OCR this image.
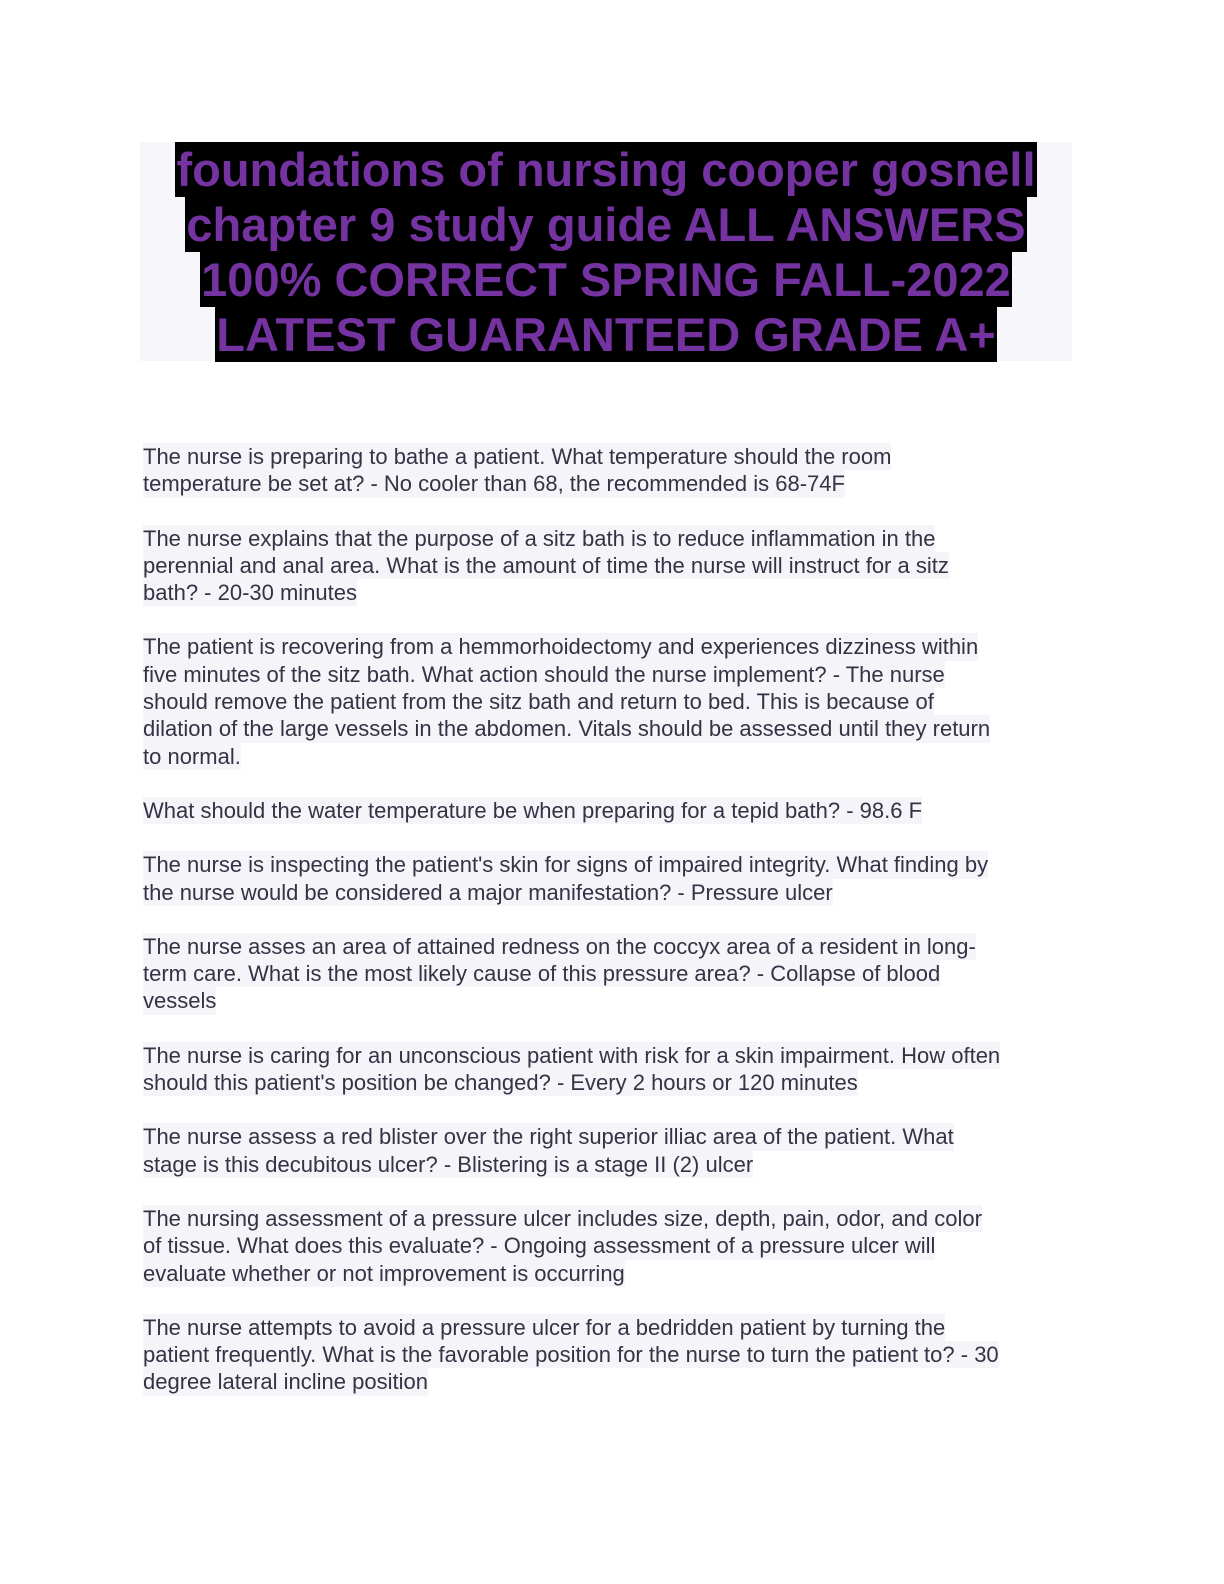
foundations of nursing cooper gosnell
chapter 9 study guide ALL ANSWERS
100% CORRECT SPRING FALL-2022
LATEST GUARANTEED GRADE A+
The nurse is preparing to bathe a patient. What temperature should the room
temperature be set at? - No cooler than 68, the recommended is 68-74F
The nurse explains that the purpose of a sitz bath is to reduce inflammation in the
perennial and anal area. What is the amount of time the nurse will instruct for a sitz
bath? - 20-30 minutes
The patient is recovering from a hemmorhoidectomy and experiences dizziness within
five minutes of the sitz bath. What action should the nurse implement? - The nurse
should remove the patient from the sitz bath and return to bed. This is because of
dilation of the large vessels in the abdomen. Vitals should be assessed until they return
to normal.
What should the water temperature be when preparing for a tepid bath? - 98.6 F
The nurse is inspecting the patient's skin for signs of impaired integrity. What finding by
the nurse would be considered a major manifestation? - Pressure ulcer
The nurse asses an area of attained redness on the coccyx area of a resident in long-
term care. What is the most likely cause of this pressure area? - Collapse of blood
vessels
The nurse is caring for an unconscious patient with risk for a skin impairment. How often
should this patient's position be changed? - Every 2 hours or 120 minutes
The nurse assess a red blister over the right superior illiac area of the patient. What
stage is this decubitous ulcer? - Blistering is a stage II (2) ulcer
The nursing assessment of a pressure ulcer includes size, depth, pain, odor, and color
of tissue. What does this evaluate? - Ongoing assessment of a pressure ulcer will
evaluate whether or not improvement is occurring
The nurse attempts to avoid a pressure ulcer for a bedridden patient by turning the
patient frequently. What is the favorable position for the nurse to turn the patient to? - 30
degree lateral incline position
